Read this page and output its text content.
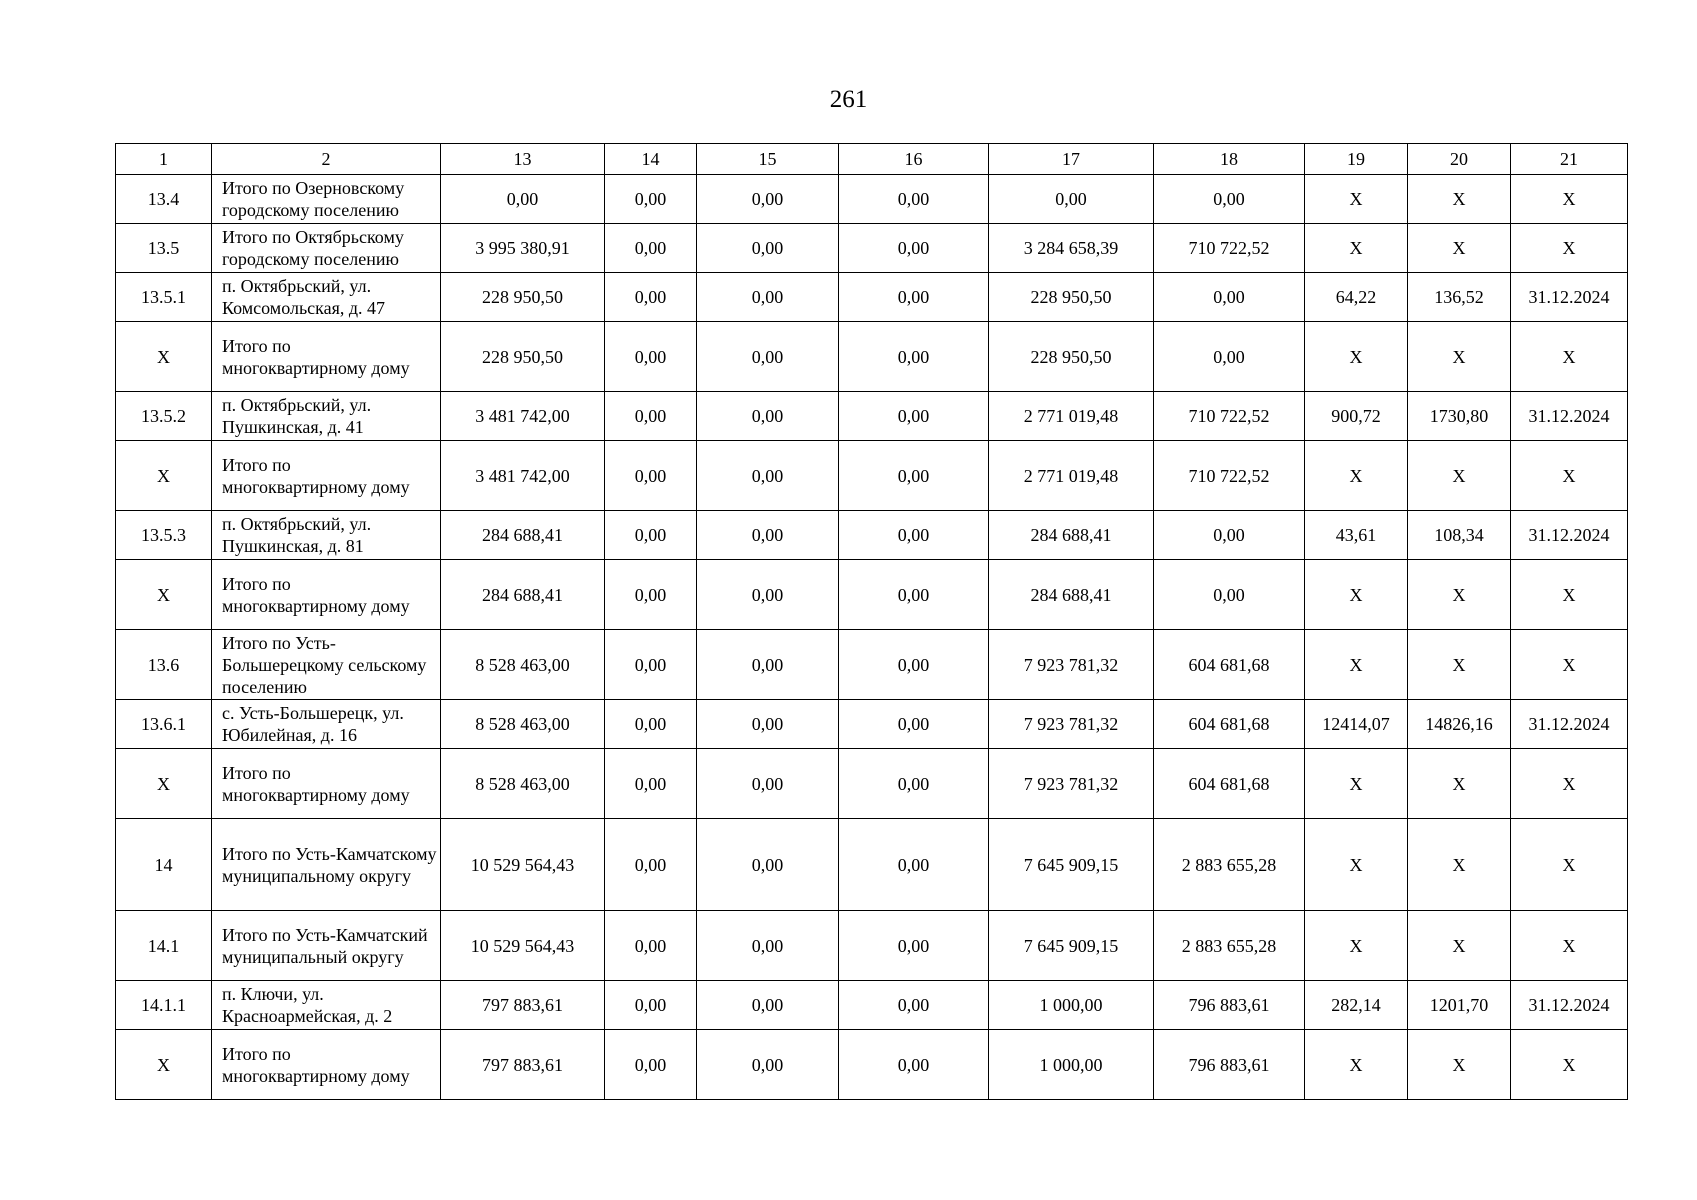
261
1	2	13	14	15	16	17	18	19	20	21
13.4	Итого по Озерновскому городскому поселению	0,00	0,00	0,00	0,00	0,00	0,00	Х	Х	Х
13.5	Итого по Октябрьскому городскому поселению	3 995 380,91	0,00	0,00	0,00	3 284 658,39	710 722,52	Х	Х	Х
13.5.1	п. Октябрьский, ул. Комсомольская, д. 47	228 950,50	0,00	0,00	0,00	228 950,50	0,00	64,22	136,52	31.12.2024
Х	Итого по многоквартирному дому	228 950,50	0,00	0,00	0,00	228 950,50	0,00	Х	Х	Х
13.5.2	п. Октябрьский, ул. Пушкинская, д. 41	3 481 742,00	0,00	0,00	0,00	2 771 019,48	710 722,52	900,72	1730,80	31.12.2024
Х	Итого по многоквартирному дому	3 481 742,00	0,00	0,00	0,00	2 771 019,48	710 722,52	Х	Х	Х
13.5.3	п. Октябрьский, ул. Пушкинская, д. 81	284 688,41	0,00	0,00	0,00	284 688,41	0,00	43,61	108,34	31.12.2024
Х	Итого по многоквартирному дому	284 688,41	0,00	0,00	0,00	284 688,41	0,00	Х	Х	Х
13.6	Итого по Усть-Большерецкому сельскому поселению	8 528 463,00	0,00	0,00	0,00	7 923 781,32	604 681,68	Х	Х	Х
13.6.1	с. Усть-Большерецк, ул. Юбилейная, д. 16	8 528 463,00	0,00	0,00	0,00	7 923 781,32	604 681,68	12414,07	14826,16	31.12.2024
Х	Итого по многоквартирному дому	8 528 463,00	0,00	0,00	0,00	7 923 781,32	604 681,68	Х	Х	Х
14	Итого по Усть-Камчатскому муниципальному округу	10 529 564,43	0,00	0,00	0,00	7 645 909,15	2 883 655,28	Х	Х	Х
14.1	Итого по Усть-Камчатский муниципальный округу	10 529 564,43	0,00	0,00	0,00	7 645 909,15	2 883 655,28	Х	Х	Х
14.1.1	п. Ключи, ул. Красноармейская, д. 2	797 883,61	0,00	0,00	0,00	1 000,00	796 883,61	282,14	1201,70	31.12.2024
Х	Итого по многоквартирному дому	797 883,61	0,00	0,00	0,00	1 000,00	796 883,61	Х	Х	Х
